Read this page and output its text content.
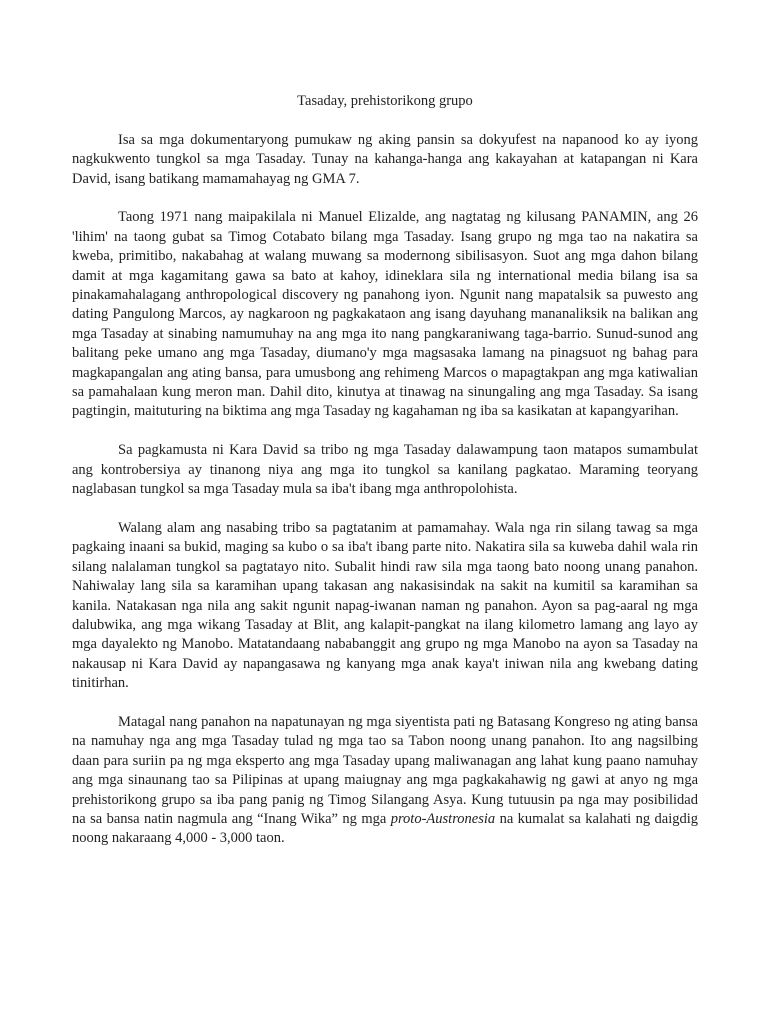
Tasaday, prehistorikong grupo

Isa sa mga dokumentaryong pumukaw ng aking pansin sa dokyufest na napanood ko ay iyong nagkukwento tungkol sa mga Tasaday. Tunay na kahanga-hanga ang kakayahan at katapangan ni Kara David, isang batikang mamamahayag ng GMA 7.

Taong 1971 nang maipakilala ni Manuel Elizalde, ang nagtatag ng kilusang PANAMIN, ang 26 'lihim' na taong gubat sa Timog Cotabato bilang mga Tasaday. Isang grupo ng mga tao na nakatira sa kweba, primitibo, nakabahag at walang muwang sa modernong sibilisasyon. Suot ang mga dahon bilang damit at mga kagamitang gawa sa bato at kahoy, idineklara sila ng international media bilang isa sa pinakamahalagang anthropological discovery ng panahong iyon. Ngunit nang mapatalsik sa puwesto ang dating Pangulong Marcos, ay nagkaroon ng pagkakataon ang isang dayuhang mananaliksik na balikan ang mga Tasaday at sinabing namumuhay na ang mga ito nang pangkaraniwang taga-barrio. Sunud-sunod ang balitang peke umano ang mga Tasaday, diumano'y mga magsasaka lamang na pinagsuot ng bahag para magkapangalan ang ating bansa, para umusbong ang rehimeng Marcos o mapagtakpan ang mga katiwalian sa pamahalaan kung meron man. Dahil dito, kinutya at tinawag na sinungaling ang mga Tasaday. Sa isang pagtingin, maituturing na biktima ang mga Tasaday ng kagahaman ng iba sa kasikatan at kapangyarihan.

Sa pagkamusta ni Kara David sa tribo ng mga Tasaday dalawampung taon matapos sumambulat ang kontrobersiya ay tinanong niya ang mga ito tungkol sa kanilang pagkatao. Maraming teoryang naglabasan tungkol sa mga Tasaday mula sa iba't ibang mga anthropolohista.

Walang alam ang nasabing tribo sa pagtatanim at pamamahay. Wala nga rin silang tawag sa mga pagkaing inaani sa bukid, maging sa kubo o sa iba't ibang parte nito. Nakatira sila sa kuweba dahil wala rin silang nalalaman tungkol sa pagtatayo nito. Subalit hindi raw sila mga taong bato noong unang panahon. Nahiwalay lang sila sa karamihan upang takasan ang nakasisindak na sakit na kumitil sa karamihan sa kanila. Natakasan nga nila ang sakit ngunit napag-iwanan naman ng panahon. Ayon sa pag-aaral ng mga dalubwika, ang mga wikang Tasaday at Blit, ang kalapit-pangkat na ilang kilometro lamang ang layo ay mga dayalekto ng Manobo. Matatandaang nababanggit ang grupo ng mga Manobo na ayon sa Tasaday na nakausap ni Kara David ay napangasawa ng kanyang mga anak kaya't iniwan nila ang kwebang dating tinitirhan.

Matagal nang panahon na napatunayan ng mga siyentista pati ng Batasang Kongreso ng ating bansa na namuhay nga ang mga Tasaday tulad ng mga tao sa Tabon noong unang panahon. Ito ang nagsilbing daan para suriin pa ng mga eksperto ang mga Tasaday upang maliwanagan ang lahat kung paano namuhay ang mga sinaunang tao sa Pilipinas at upang maiugnay ang mga pagkakahawig ng gawi at anyo ng mga prehistorikong grupo sa iba pang panig ng Timog Silangang Asya. Kung tutuusin pa nga may posibilidad na sa bansa natin nagmula ang “Inang Wika” ng mga proto-Austronesia na kumalat sa kalahati ng daigdig noong nakaraang 4,000 - 3,000 taon.
